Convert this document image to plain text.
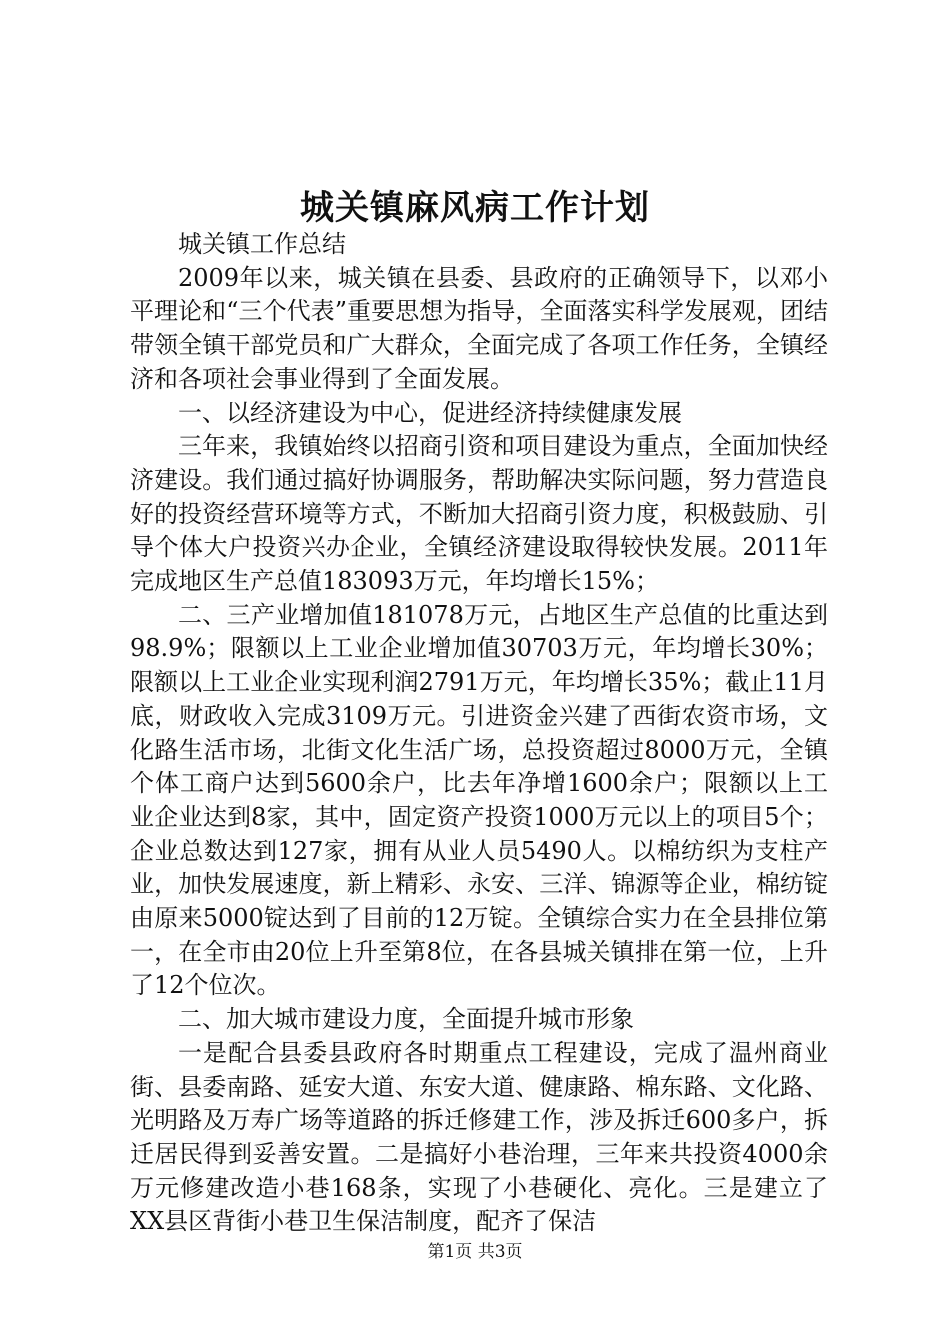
城关镇麻风病工作计划

城关镇工作总结

2009年以来，城关镇在县委、县政府的正确领导下，以邓小平理论和“三个代表”重要思想为指导，全面落实科学发展观，团结带领全镇干部党员和广大群众，全面完成了各项工作任务，全镇经济和各项社会事业得到了全面发展。

一、以经济建设为中心，促进经济持续健康发展

三年来，我镇始终以招商引资和项目建设为重点，全面加快经济建设。我们通过搞好协调服务，帮助解决实际问题，努力营造良好的投资经营环境等方式，不断加大招商引资力度，积极鼓励、引导个体大户投资兴办企业，全镇经济建设取得较快发展。2011年完成地区生产总值183093万元，年均增长15%；

二、三产业增加值181078万元，占地区生产总值的比重达到98.9%；限额以上工业企业增加值30703万元，年均增长30%；限额以上工业企业实现利润2791万元，年均增长35%；截止11月底，财政收入完成3109万元。引进资金兴建了西街农资市场，文化路生活市场，北街文化生活广场，总投资超过8000万元，全镇个体工商户达到5600余户，比去年净增1600余户；限额以上工业企业达到8家，其中，固定资产投资1000万元以上的项目5个；企业总数达到127家，拥有从业人员5490人。以棉纺织为支柱产业，加快发展速度，新上精彩、永安、三洋、锦源等企业，棉纺锭由原来5000锭达到了目前的12万锭。全镇综合实力在全县排位第一，在全市由20位上升至第8位，在各县城关镇排在第一位，上升了12个位次。

二、加大城市建设力度，全面提升城市形象

一是配合县委县政府各时期重点工程建设，完成了温州商业街、县委南路、延安大道、东安大道、健康路、棉东路、文化路、光明路及万寿广场等道路的拆迁修建工作，涉及拆迁600多户，拆迁居民得到妥善安置。二是搞好小巷治理，三年来共投资4000余万元修建改造小巷168条，实现了小巷硬化、亮化。三是建立了XX县区背街小巷卫生保洁制度，配齐了保洁

第1页 共3页
